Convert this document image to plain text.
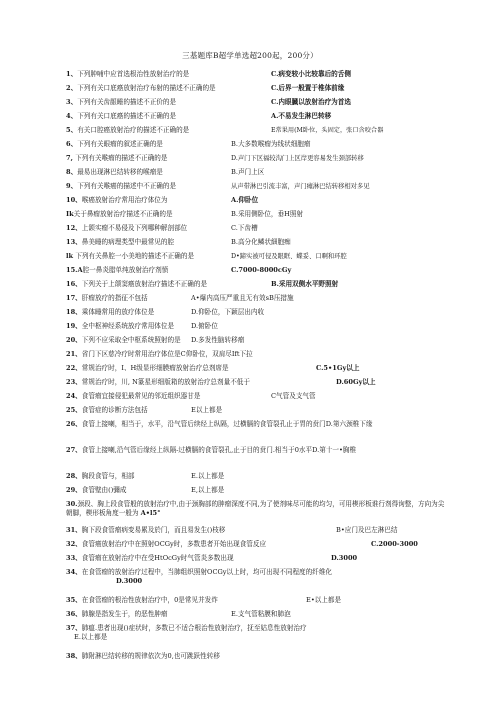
三基题库B超学单选超200起，200分）
1、下列肿哺中应首选根治性放射治疗的是	C.病变较小比较靠后的舌侧
2、下列有关口底癌放射治疗布射的描述不正确的是	C.后界一般置于椎体前缘
3、下列有关齿龈睡的描述不正价的是	C.内眼臓以放射治疗为首选
4、下列有关口底癌的描述不正确的是	A.不易发生淋巴转移
5、有关口腔癌放射治疗的描述不正确的是	E常果用(M卧位，头固定，张口含咬合器
6、下列有关眼瘤的叙述正确的是	B.大多数喉瘤为线状细胞瘤
7, 下列有关喉瘤的描述不正确的是	D.声门下区福较沟门上区岸更容易发生颈部转移
8、最易出现淋巴结转移的喉瘤是	B.声门上区
9、下列有关喉癌的描述中不正确的是	从声带淋巴引流丰富，声门瘫淋巴结转移相对多见
10、喉癌放射治疗常用治疗体位为	A.仰卧位
Ik关于鼻瘤放射治疗描述不正确的是	B.采用侧卧位，垂H照射
12、上颌实瘤不易侵及下列哪种解剖部位	C.下齿槽
13、鼻美睡的病理类型中最常见的腔	B.高分化鳞状細胞痴
lk 下列有关鼻腔一小美地的描述不正确的是	D•蹄实被可侵及眼眶、蝶妥、口啊和环腔
15.A腔一鼻炎腊单纯放射治疗剂愤	C.7000-8000cGy
16、下列关于上颌窦癌放射治疗描述不正确的是	B.采用双侧水平野照射
17、肝瘤放疗的指征不包括	A•爆内高压严重且无有效sB压措施
18、乘体睡常用的放疗体位是	D.仰卧位，下颖层出内收
19、全中枢神经系统放疗常用体位是	D.俯卧位
20、下列不应采取全中枢系统照射的是 D.多发性脑转移瘤
21、省门下区慈冷疗时常用治疗体位是C仰卧位，双肩尽Ift下拉
22、常规治疗时，I、H级显形细膜瘤放射治疗总剂席是	C.5•1Gy以上
23、常规治疗时，川, N篆星形细版箱的放射治疗总剂量不低于	D.60Gy以上
24、食管瘤宜接侵犯最常见的邻近组织器甘是	C气管及支气管
25、食管症的诊断方法包括	E以上都是
26、食管上接喇，相当于，水平，沿气管后续经上纵隔，过横膈的食管裂孔止于胃的贲门D.第六颈椎下缘
27、食管上接喇,沿气管后缘经上纵隔-过横膈的食管裂孔,止于目的贲门.相当于0水平D.第十一•胸椎
28、胸段食管与，相部	E.以上都是
29、食管壁由()彌成	E,以上都是
30.颈段、胸上段食管般的放射治疗中,由于颈胸部的肿瘤深度不同,为了使剂味尽可能的均匀，可用楔形板谁行剂得询整，方向为尖朝脚，楔形板角度一般为 A•l5°
31、胸下段食管瘤病变易累及於门，而且易发生()枝移	B•应门及巴左淋巴结
32、食管癌放射治疗中在照射OCGy时，多数患者开始出现食管反应	C.2000-3000
33、食管瘤在放射治疗中在受HtOcGy时气管炎多数出现	D.3000
34、在食管瘤的放射治疗过程中，当肺组织照射OCGy以上时，均可出现不同程度的纤维化
D.3000
35、在食管瘤的根治性放射治疗中，0是常见并发炸	E•以上都是
36、肺腺是指发生于，的恶性肿瘤	E.支气管粘膜和肺泡
37、肺瘟.患者出现()症状时，多数已不适合根治性放射治疗，抚至姑息性放射治疗
E.以上都是
38、肺附淋巴结转移的规律依次为0,也可跳跃性转移
